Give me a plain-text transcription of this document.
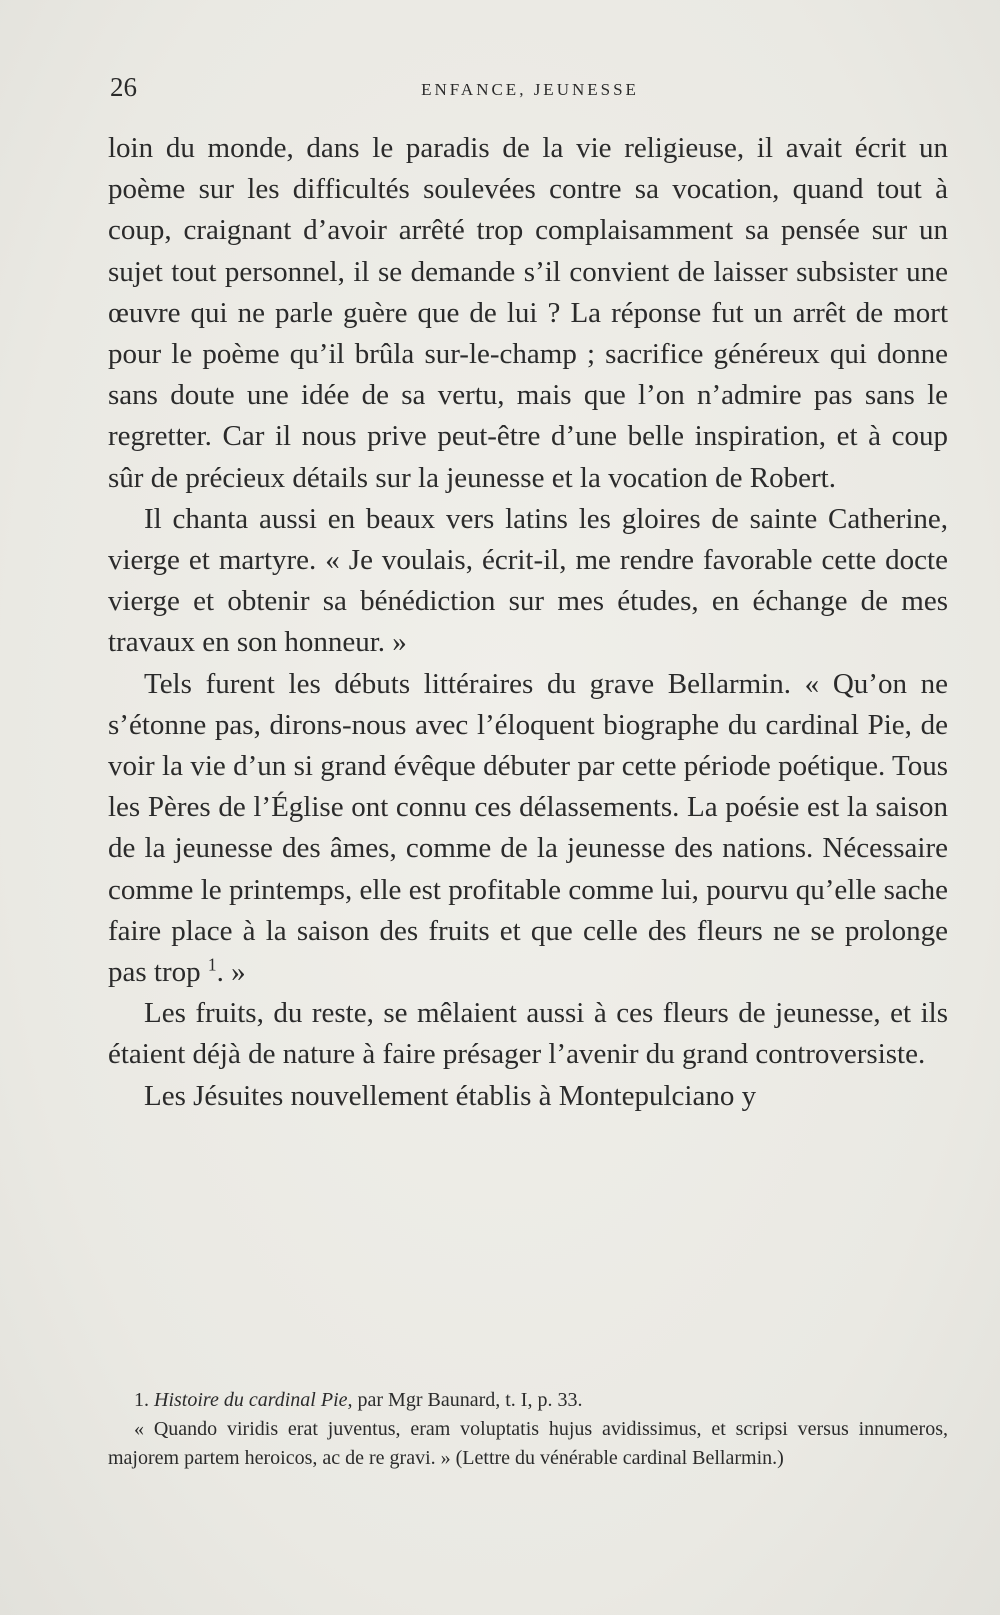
26	ENFANCE, JEUNESSE

loin du monde, dans le paradis de la vie religieuse, il avait écrit un poème sur les difficultés soulevées contre sa vocation, quand tout à coup, craignant d’avoir arrêté trop complaisamment sa pensée sur un sujet tout personnel, il se demande s’il convient de laisser subsister une œuvre qui ne parle guère que de lui ? La réponse fut un arrêt de mort pour le poème qu’il brûla sur-le-champ ; sacrifice généreux qui donne sans doute une idée de sa vertu, mais que l’on n’admire pas sans le regretter. Car il nous prive peut-être d’une belle inspiration, et à coup sûr de précieux détails sur la jeunesse et la vocation de Robert.

Il chanta aussi en beaux vers latins les gloires de sainte Catherine, vierge et martyre. « Je voulais, écrit-il, me rendre favorable cette docte vierge et obtenir sa bénédiction sur mes études, en échange de mes travaux en son honneur. »

Tels furent les débuts littéraires du grave Bellarmin. « Qu’on ne s’étonne pas, dirons-nous avec l’éloquent biographe du cardinal Pie, de voir la vie d’un si grand évêque débuter par cette période poétique. Tous les Pères de l’Église ont connu ces délassements. La poésie est la saison de la jeunesse des âmes, comme de la jeunesse des nations. Nécessaire comme le printemps, elle est profitable comme lui, pourvu qu’elle sache faire place à la saison des fruits et que celle des fleurs ne se prolonge pas trop $^1$. »

Les fruits, du reste, se mêlaient aussi à ces fleurs de jeunesse, et ils étaient déjà de nature à faire présager l’avenir du grand controversiste.

Les Jésuites nouvellement établis à Montepulciano y

1. Histoire du cardinal Pie, par Mgr Baunard, t. I, p. 33.

« Quando viridis erat juventus, eram voluptatis hujus avidissimus, et scripsi versus innumeros, majorem partem heroicos, ac de re gravi. » (Lettre du vénérable cardinal Bellarmin.)
